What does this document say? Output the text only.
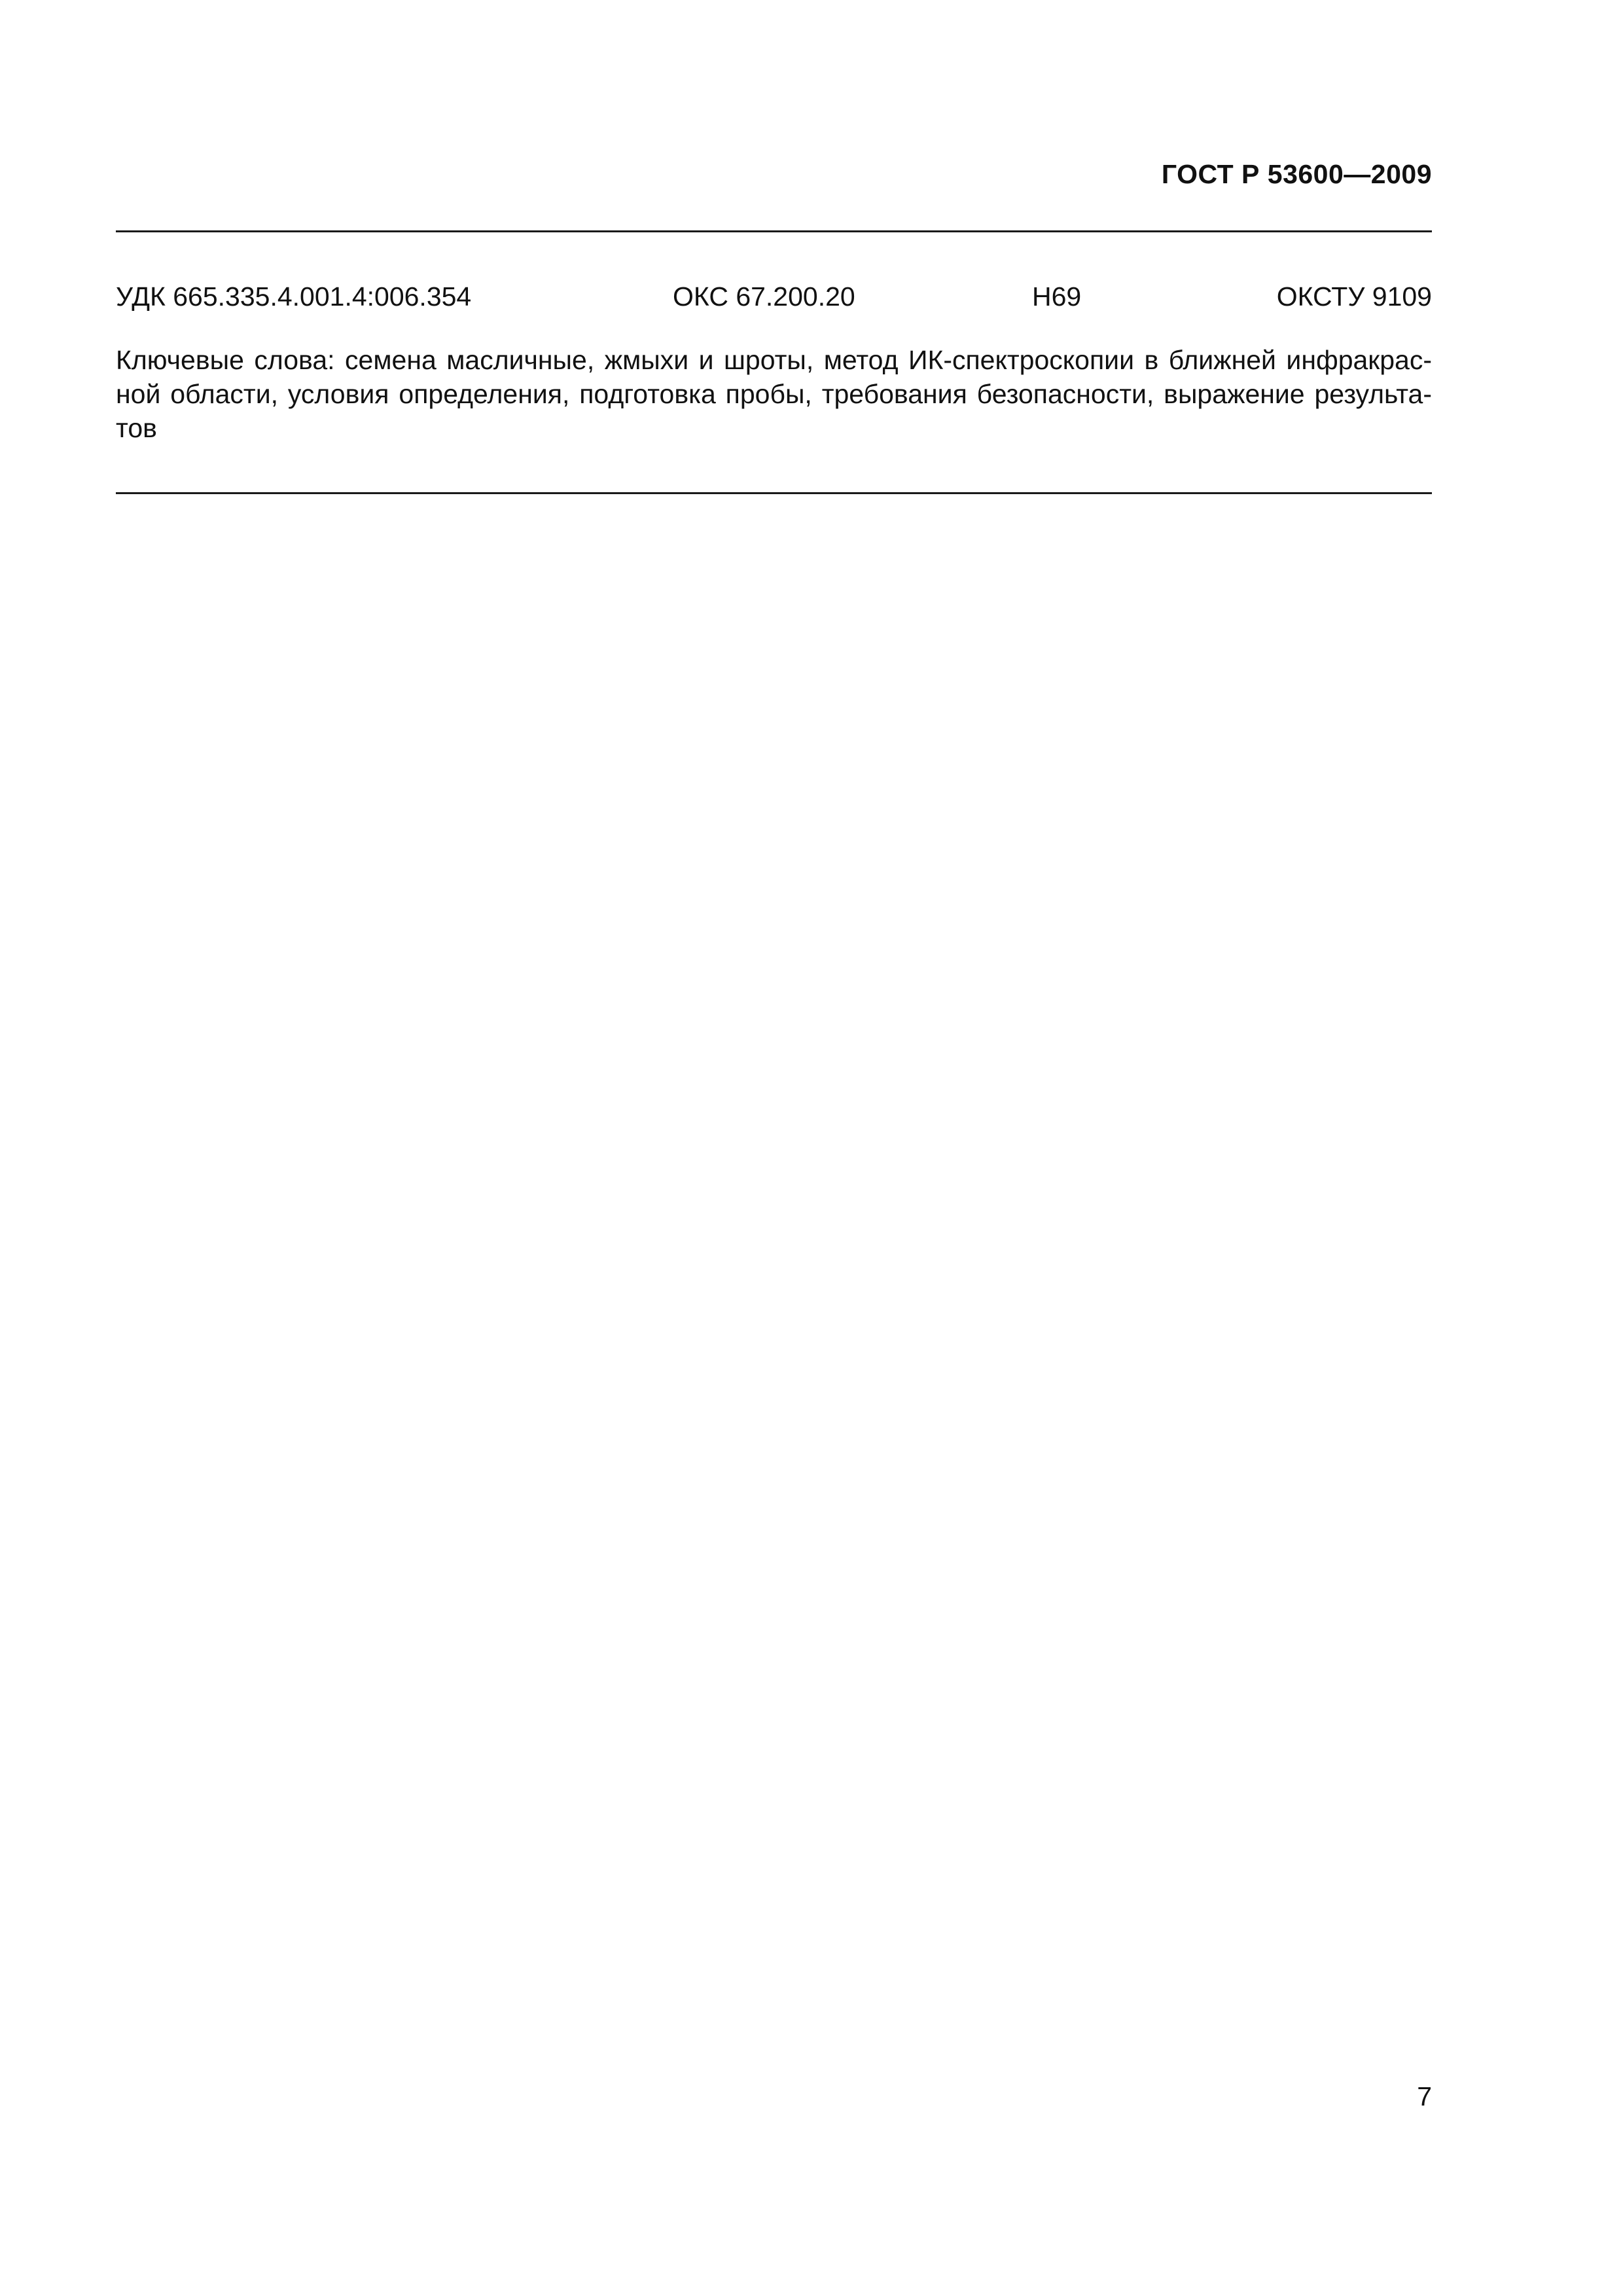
ГОСТ Р 53600—2009
УДК 665.335.4.001.4:006.354	ОКС 67.200.20	Н69	ОКСТУ 9109
Ключевые слова: семена масличные, жмыхи и шроты, метод ИК-спектроскопии в ближней инфракрас-
ной области, условия определения, подготовка пробы, требования безопасности, выражение результа-
тов
7
